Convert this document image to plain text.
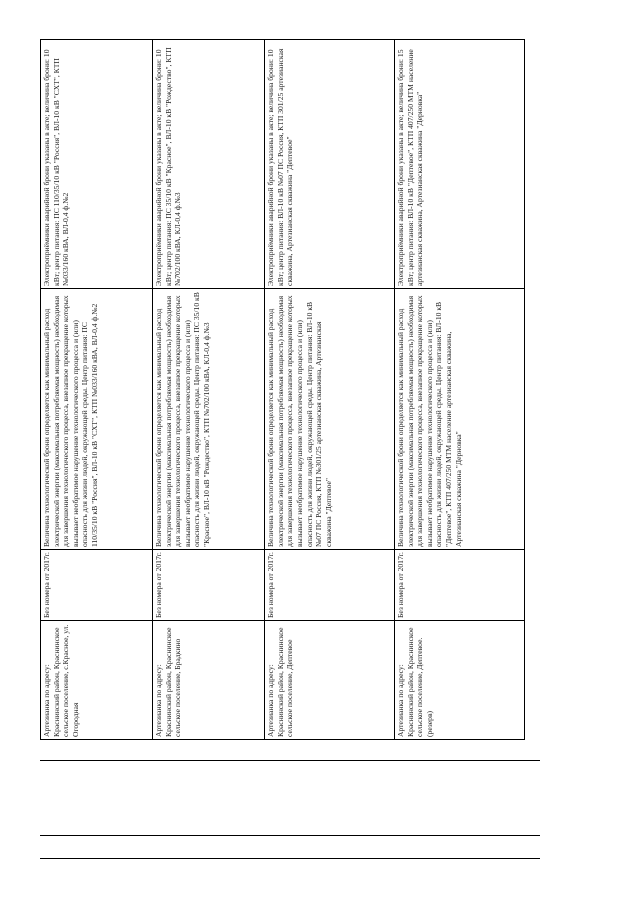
Артезианка по адресу: Краснинский район, Краснинское сельское поселение, с.Красное, ул. Огородная	Без номера от 2017г.	Величина технологической брони определяется как минимальный расход электрической энергии (максимальная потребляемая мощность) необходимая для завершения технологического процесса, внезапное прекращение которых вызывает необратимое нарушение технологического процесса и (или) опасность для жизни людей, окружающей среды. Центр питания: ПС 110/35/10 кВ "Россия", ВЛ-10 кВ "СХТ", КТП №033/160 кВА, ВЛ-0,4 ф.№2	Электроприёмники аварийной брони указаны в акте; величина брони: 10 кВт; центр питания: ПС 110/35/10 кВ "Россия", ВЛ-10 кВ "СХТ", КТП №033/160 кВА, ВЛ-0,4 ф.№2
Артезианка по адресу: Краснинский район, Краснинское сельское поселение, Брадкино	Без номера от 2017г.	Величина технологической брони определяется как минимальный расход электрической энергии (максимальная потребляемая мощность) необходимая для завершения технологического процесса, внезапное прекращение которых вызывает необратимое нарушение технологического процесса и (или) опасность для жизни людей, окружающей среды. Центр питания: ПС 35/10 кВ "Красное", ВЛ-10 кВ "Рождество", КТП №702/100 кВА, КЛ-0,4 ф.№3	Электроприёмники аварийной брони указаны в акте; величина брони: 10 кВт; центр питания: ПС 35/10 кВ "Красное", ВЛ-10 кВ "Рождество", КТП №702/100 кВА, КЛ-0,4 ф.№3
Артезианка по адресу: Краснинский район, Краснинское сельское поселение, Дептевое	Без номера от 2017г.	Величина технологической брони определяется как минимальный расход электрической энергии (максимальная потребляемая мощность) необходимая для завершения технологического процесса, внезапное прекращение которых вызывает необратимое нарушение технологического процесса и (или) опасность для жизни людей, окружающей среды. Центр питания: ВЛ-10 кВ №07 ПС Россия, КТП №301/25 артезианская скважина, Артезианская скважина "Дептевое"	Электроприёмники аварийной брони указаны в акте; величина брони: 10 кВт; центр питания: ВЛ-10 кВ №07 ПС Россия, КТП 301/25 артезианская скважина, Артезианская скважина "Дептевое"
Артезианка по адресу: Краснинский район, Краснинское сельское поселение, Дептевое. (резерв)	Без номера от 2017г.	Величина технологической брони определяется как минимальный расход электрической энергии (максимальная потребляемая мощность) необходимая для завершения технологического процесса, внезапное прекращение которых вызывает необратимое нарушение технологического процесса и (или) опасность для жизни людей, окружающей среды. Центр питания: ВЛ-10 кВ "Дептевое", КТП 407/250 МТМ население артезианская скважина, Артезианская скважина "Дерновка"	Электроприёмники аварийной брони указаны в акте; величина брони: 15 кВт; центр питания: ВЛ-10 кВ "Дептевое", КТП 407/250 МТМ население артезианская скважина, Артезианская скважина "Дерновка"
